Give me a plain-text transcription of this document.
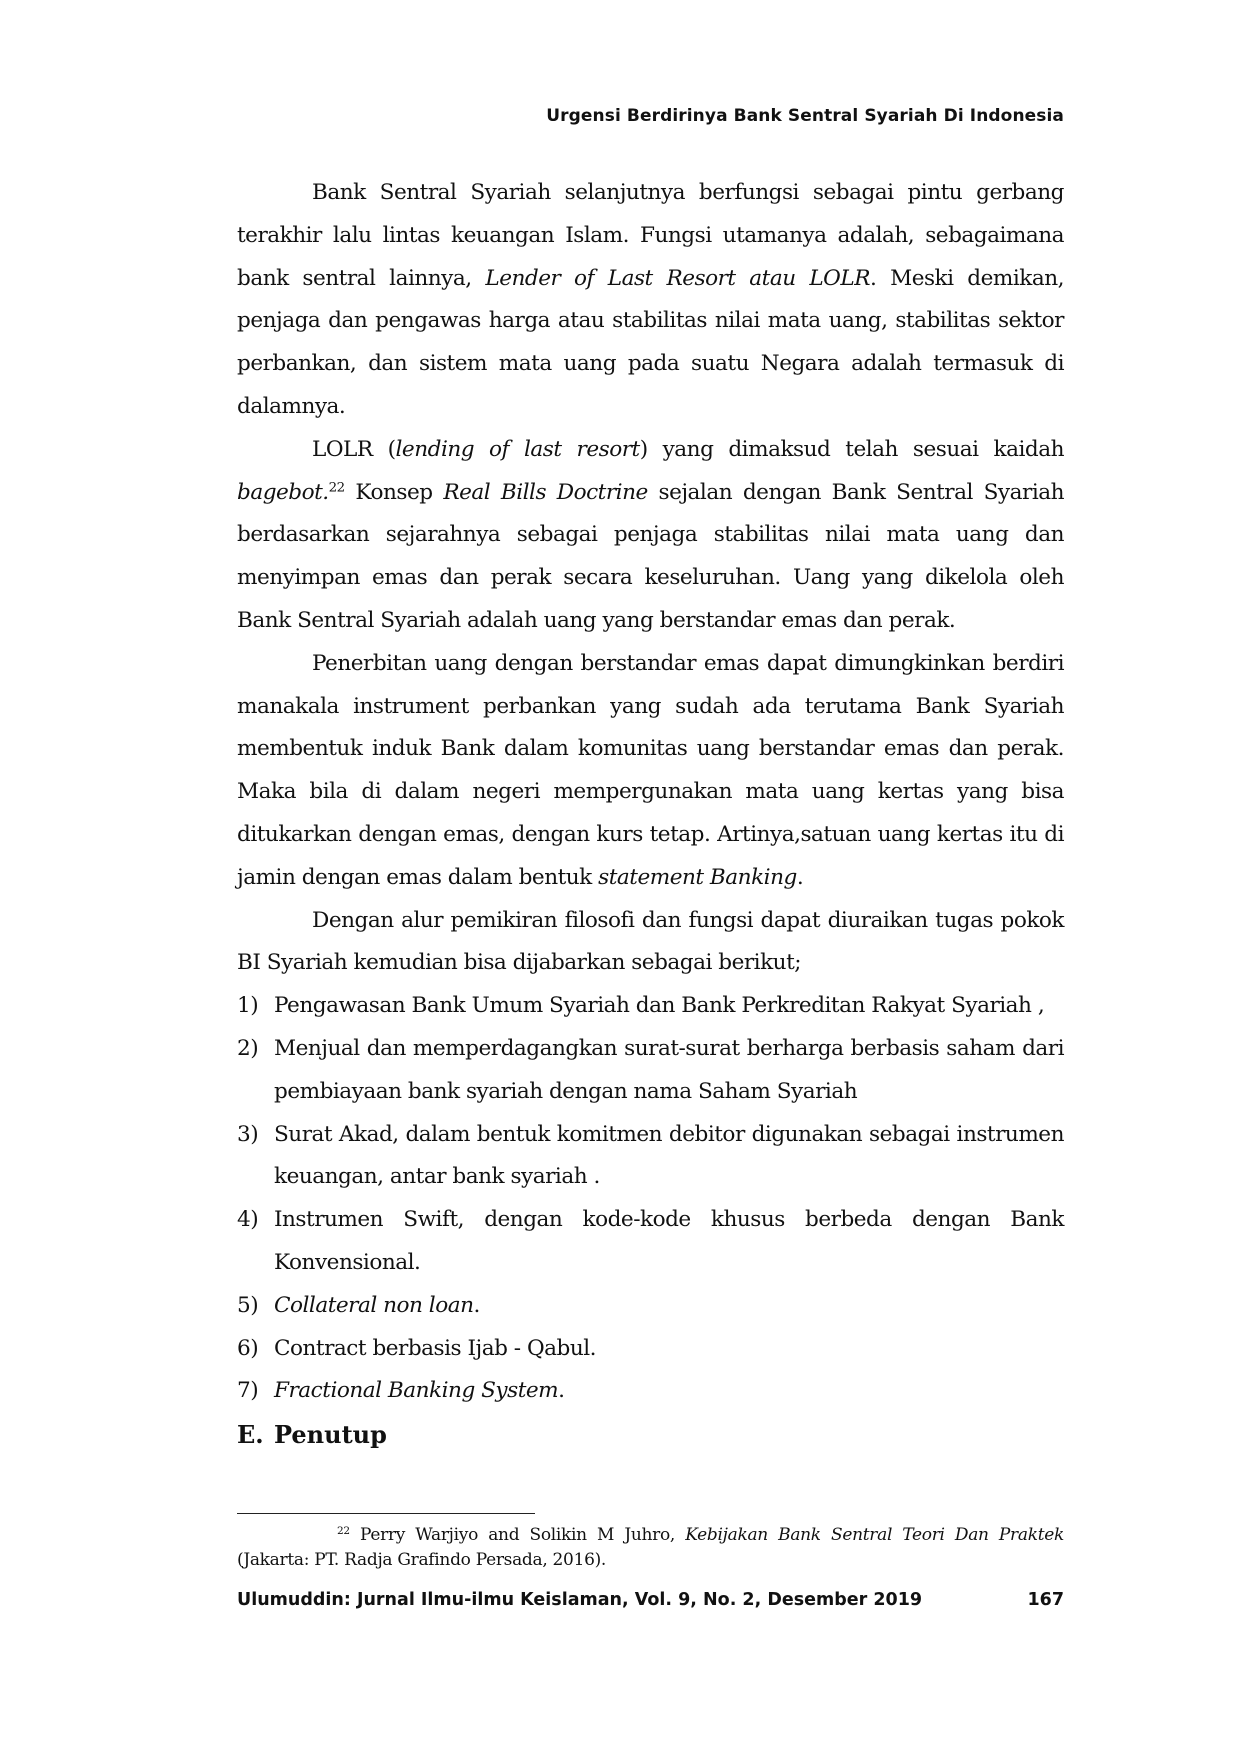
Urgensi Berdirinya Bank Sentral Syariah Di Indonesia

Bank Sentral Syariah selanjutnya berfungsi sebagai pintu gerbang terakhir lalu lintas keuangan Islam. Fungsi utamanya adalah, sebagaimana bank sentral lainnya, Lender of Last Resort atau LOLR. Meski demikan, penjaga dan pengawas harga atau stabilitas nilai mata uang, stabilitas sektor perbankan, dan sistem mata uang pada suatu Negara adalah termasuk di dalamnya.

LOLR (lending of last resort) yang dimaksud telah sesuai kaidah bagebot.$^{22}$ Konsep Real Bills Doctrine sejalan dengan Bank Sentral Syariah berdasarkan sejarahnya sebagai penjaga stabilitas nilai mata uang dan menyimpan emas dan perak secara keseluruhan. Uang yang dikelola oleh Bank Sentral Syariah adalah uang yang berstandar emas dan perak.

Penerbitan uang dengan berstandar emas dapat dimungkinkan berdiri manakala instrument perbankan yang sudah ada terutama Bank Syariah membentuk induk Bank dalam komunitas uang berstandar emas dan perak. Maka bila di dalam negeri mempergunakan mata uang kertas yang bisa ditukarkan dengan emas, dengan kurs tetap. Artinya,satuan uang kertas itu di jamin dengan emas dalam bentuk statement Banking.

Dengan alur pemikiran filosofi dan fungsi dapat diuraikan tugas pokok BI Syariah kemudian bisa dijabarkan sebagai berikut;

1) Pengawasan Bank Umum Syariah dan Bank Perkreditan Rakyat Syariah ,
2) Menjual dan memperdagangkan surat-surat berharga berbasis saham dari pembiayaan bank syariah dengan nama Saham Syariah
3) Surat Akad, dalam bentuk komitmen debitor digunakan sebagai instrumen keuangan, antar bank syariah .
4) Instrumen Swift, dengan kode-kode khusus berbeda dengan Bank Konvensional.
5) Collateral non loan.
6) Contract berbasis Ijab - Qabul.
7) Fractional Banking System.
E. Penutup
$^{22}$ Perry Warjiyo and Solikin M Juhro, Kebijakan Bank Sentral Teori Dan Praktek (Jakarta: PT. Radja Grafindo Persada, 2016).
Ulumuddin: Jurnal Ilmu-ilmu Keislaman, Vol. 9, No. 2, Desember 2019	167
